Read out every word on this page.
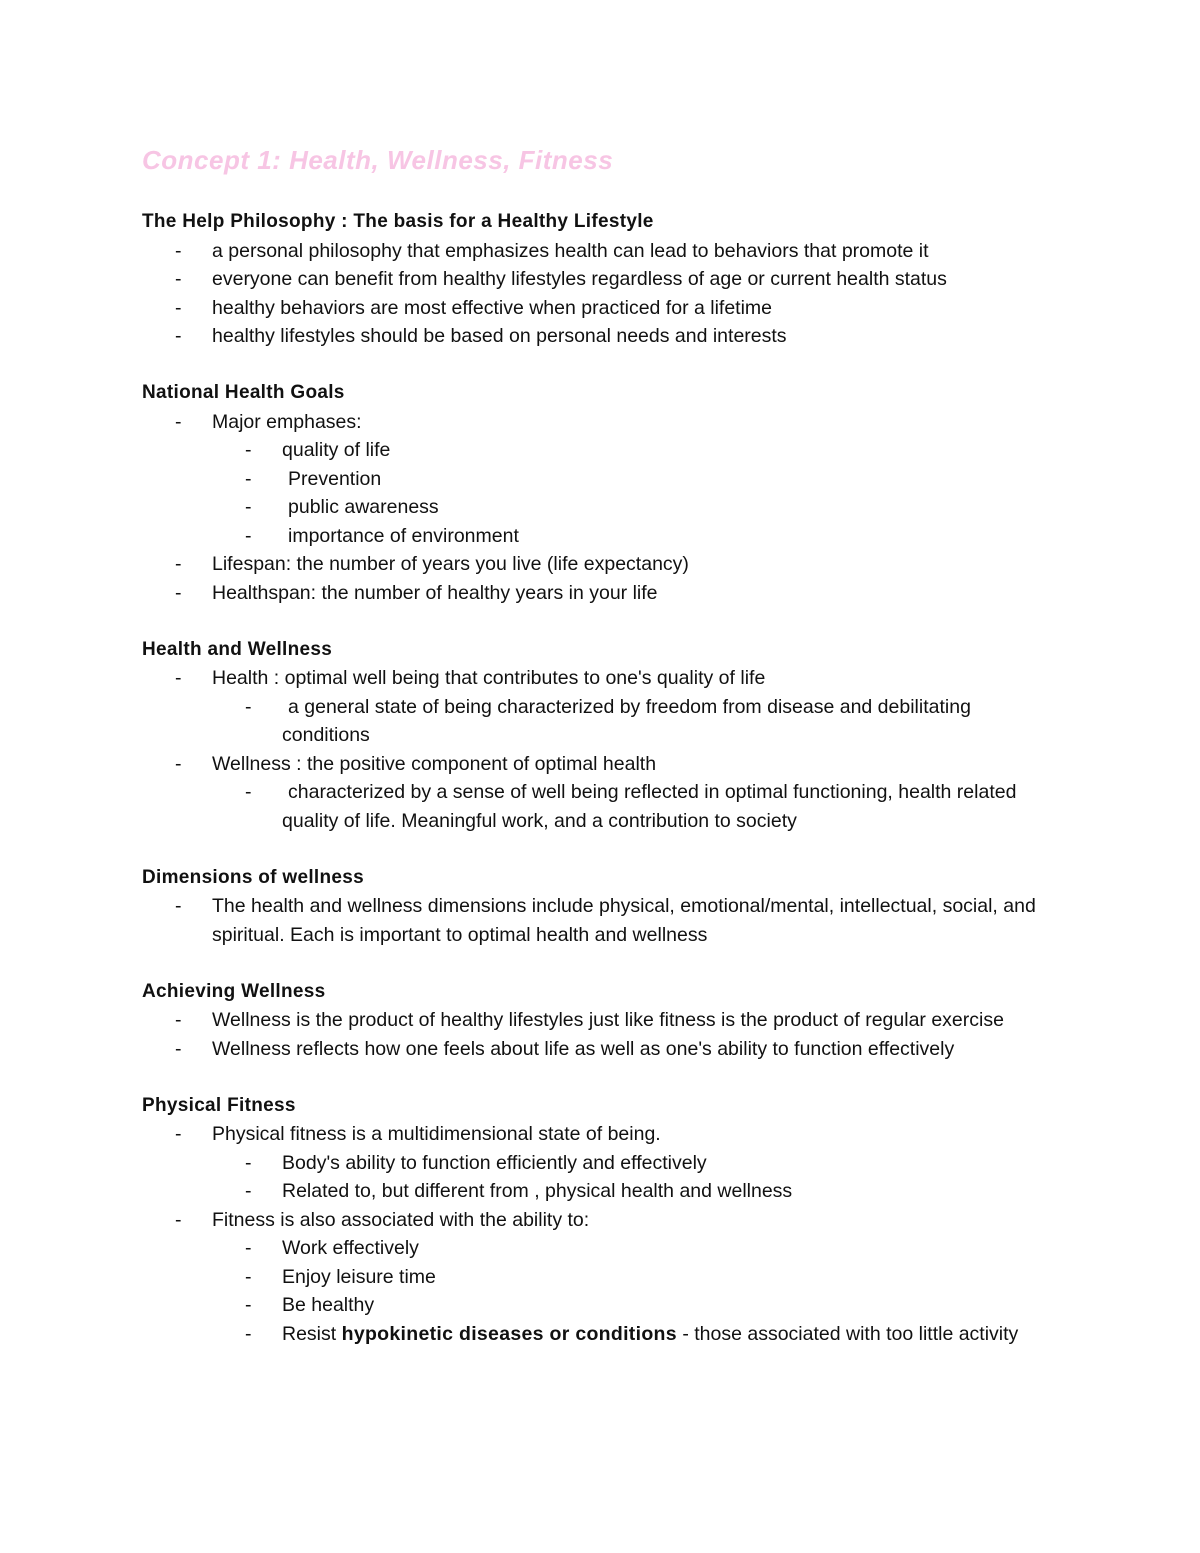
Concept 1: Health, Wellness, Fitness
The Help Philosophy : The basis for a Healthy Lifestyle
- a personal philosophy that emphasizes health can lead to behaviors that promote it
- everyone can benefit from healthy lifestyles regardless of age or current health status
- healthy behaviors are most effective when practiced for a lifetime
- healthy lifestyles should be based on personal needs and interests
National Health Goals
- Major emphases:
- quality of life
- Prevention
- public awareness
- importance of environment
- Lifespan: the number of years you live (life expectancy)
- Healthspan: the number of healthy years in your life
Health and Wellness
- Health : optimal well being that contributes to one's quality of life
- a general state of being characterized by freedom from disease and debilitating conditions
- Wellness : the positive component of optimal health
- characterized by a sense of well being reflected in optimal functioning, health related quality of life. Meaningful work, and a contribution to society
Dimensions of wellness
- The health and wellness dimensions include physical, emotional/mental, intellectual, social, and spiritual. Each is important to optimal health and wellness
Achieving Wellness
- Wellness is the product of healthy lifestyles just like fitness is the product of regular exercise
- Wellness reflects how one feels about life as well as one's ability to function effectively
Physical Fitness
- Physical fitness is a multidimensional state of being.
- Body's ability to function efficiently and effectively
- Related to, but different from , physical health and wellness
- Fitness is also associated with the ability to:
- Work effectively
- Enjoy leisure time
- Be healthy
- Resist hypokinetic diseases or conditions - those associated with too little activity
